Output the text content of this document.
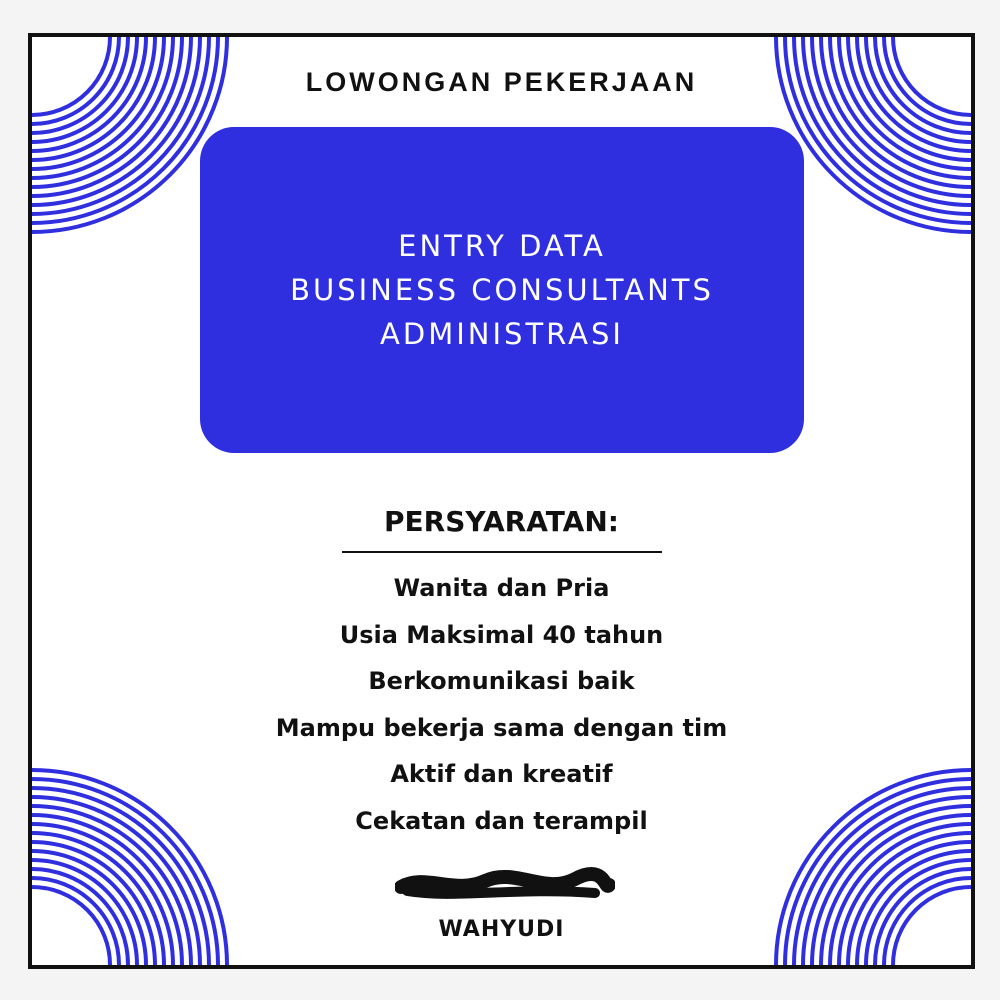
LOWONGAN PEKERJAAN
ENTRY DATA
BUSINESS CONSULTANTS
ADMINISTRASI
PERSYARATAN:
Wanita dan Pria
Usia Maksimal 40 tahun
Berkomunikasi baik
Mampu bekerja sama dengan tim
Aktif dan kreatif
Cekatan dan terampil
WAHYUDI
